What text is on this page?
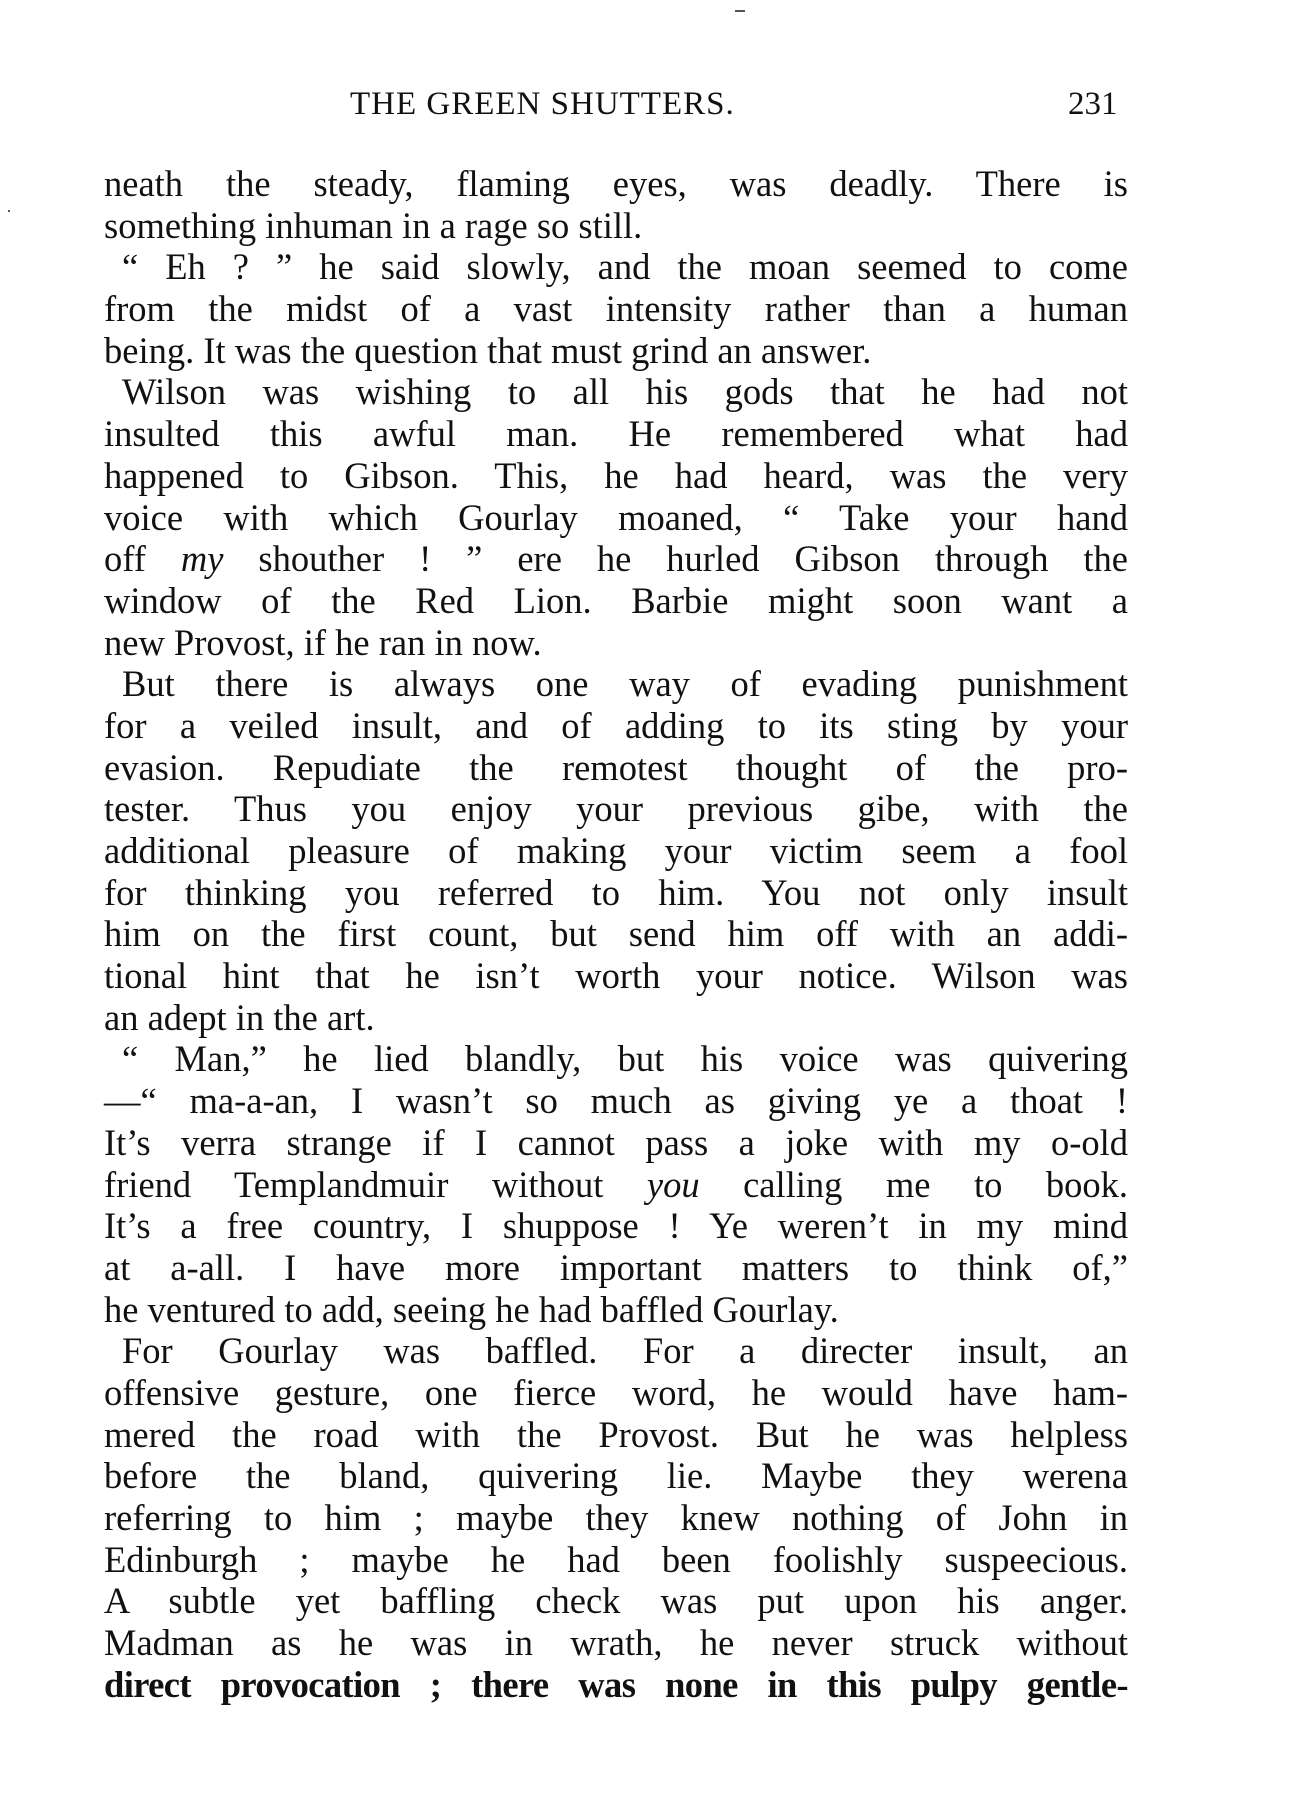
THE GREEN SHUTTERS.	231
neath the steady, flaming eyes, was deadly. There is
something inhuman in a rage so still.
“ Eh ? ” he said slowly, and the moan seemed to come
from the midst of a vast intensity rather than a human
being. It was the question that must grind an answer.
Wilson was wishing to all his gods that he had not
insulted this awful man. He remembered what had
happened to Gibson. This, he had heard, was the very
voice with which Gourlay moaned, “ Take your hand
off my shouther ! ” ere he hurled Gibson through the
window of the Red Lion. Barbie might soon want a
new Provost, if he ran in now.
But there is always one way of evading punishment
for a veiled insult, and of adding to its sting by your
evasion. Repudiate the remotest thought of the pro-
tester. Thus you enjoy your previous gibe, with the
additional pleasure of making your victim seem a fool
for thinking you referred to him. You not only insult
him on the first count, but send him off with an addi-
tional hint that he isn’t worth your notice. Wilson was
an adept in the art.
“ Man,” he lied blandly, but his voice was quivering
—“ ma-a-an, I wasn’t so much as giving ye a thoat !
It’s verra strange if I cannot pass a joke with my o-old
friend Templandmuir without you calling me to book.
It’s a free country, I shuppose ! Ye weren’t in my mind
at a-all. I have more important matters to think of,”
he ventured to add, seeing he had baffled Gourlay.
For Gourlay was baffled. For a directer insult, an
offensive gesture, one fierce word, he would have ham-
mered the road with the Provost. But he was helpless
before the bland, quivering lie. Maybe they werena
referring to him ; maybe they knew nothing of John in
Edinburgh ; maybe he had been foolishly suspeecious.
A subtle yet baffling check was put upon his anger.
Madman as he was in wrath, he never struck without
direct provocation ; there was none in this pulpy gentle-
